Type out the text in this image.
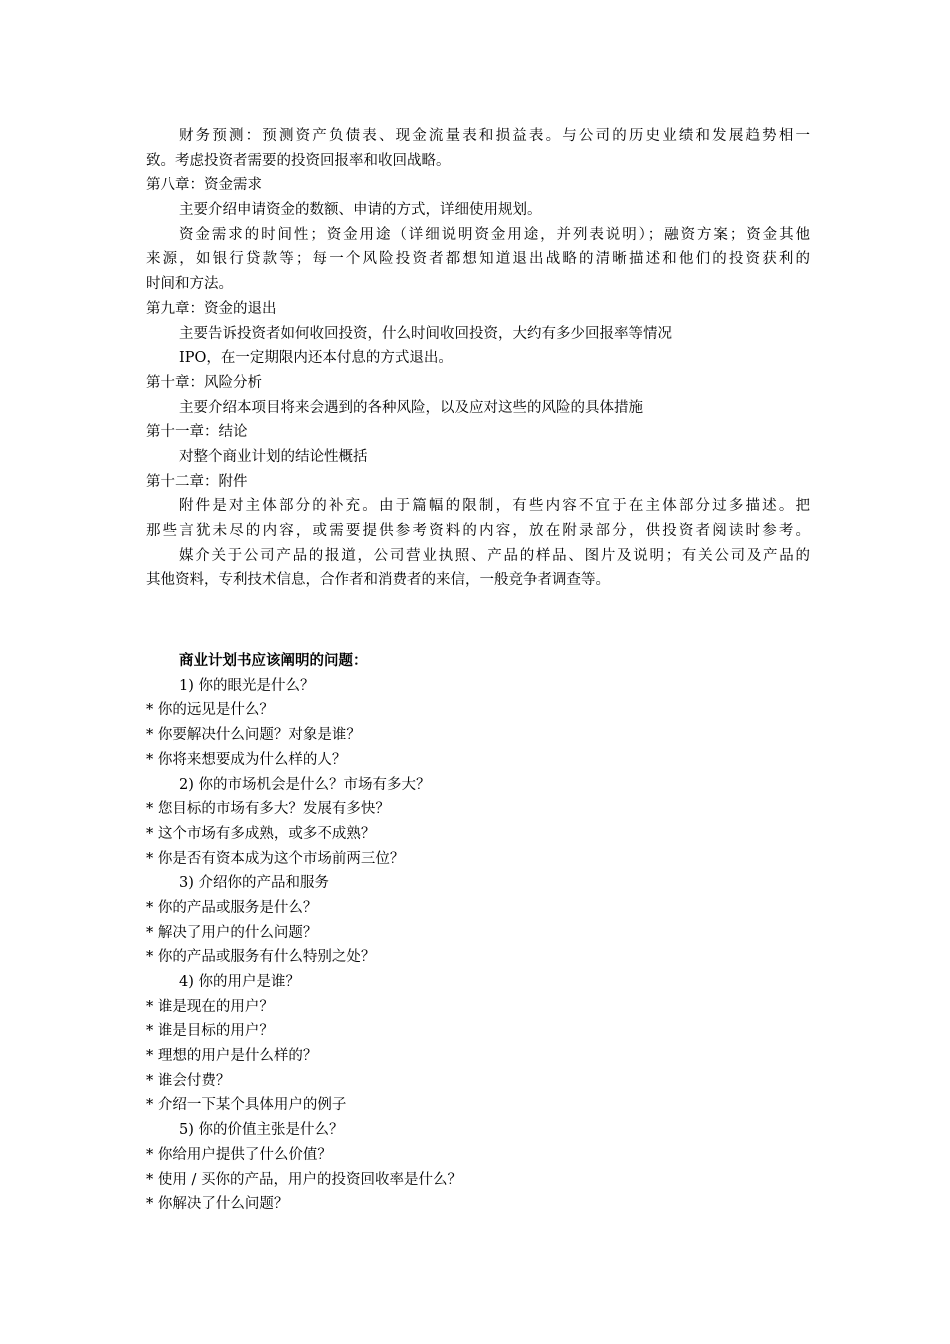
财务预测：预测资产负债表、现金流量表和损益表。与公司的历史业绩和发展趋势相一
致。考虑投资者需要的投资回报率和收回战略。
第八章：资金需求
主要介绍申请资金的数额、申请的方式，详细使用规划。
资金需求的时间性；资金用途（详细说明资金用途，并列表说明）；融资方案；资金其他
来源，如银行贷款等；每一个风险投资者都想知道退出战略的清晰描述和他们的投资获利的
时间和方法。
第九章：资金的退出
主要告诉投资者如何收回投资，什么时间收回投资，大约有多少回报率等情况
IPO，在一定期限内还本付息的方式退出。
第十章：风险分析
主要介绍本项目将来会遇到的各种风险，以及应对这些的风险的具体措施
第十一章：结论
对整个商业计划的结论性概括
第十二章：附件
附件是对主体部分的补充。由于篇幅的限制，有些内容不宜于在主体部分过多描述。把
那些言犹未尽的内容，或需要提供参考资料的内容，放在附录部分，供投资者阅读时参考。
媒介关于公司产品的报道，公司营业执照、产品的样品、图片及说明；有关公司及产品的
其他资料，专利技术信息，合作者和消费者的来信，一般竞争者调查等。
商业计划书应该阐明的问题：
1) 你的眼光是什么？
* 你的远见是什么？
* 你要解决什么问题？对象是谁？
* 你将来想要成为什么样的人？
2) 你的市场机会是什么？市场有多大？
* 您目标的市场有多大？发展有多快？
* 这个市场有多成熟，或多不成熟？
* 你是否有资本成为这个市场前两三位？
3) 介绍你的产品和服务
* 你的产品或服务是什么？
* 解决了用户的什么问题？
* 你的产品或服务有什么特别之处？
4) 你的用户是谁？
* 谁是现在的用户？
* 谁是目标的用户？
* 理想的用户是什么样的？
* 谁会付费？
* 介绍一下某个具体用户的例子
5) 你的价值主张是什么？
* 你给用户提供了什么价值？
* 使用 / 买你的产品，用户的投资回收率是什么？
* 你解决了什么问题？
